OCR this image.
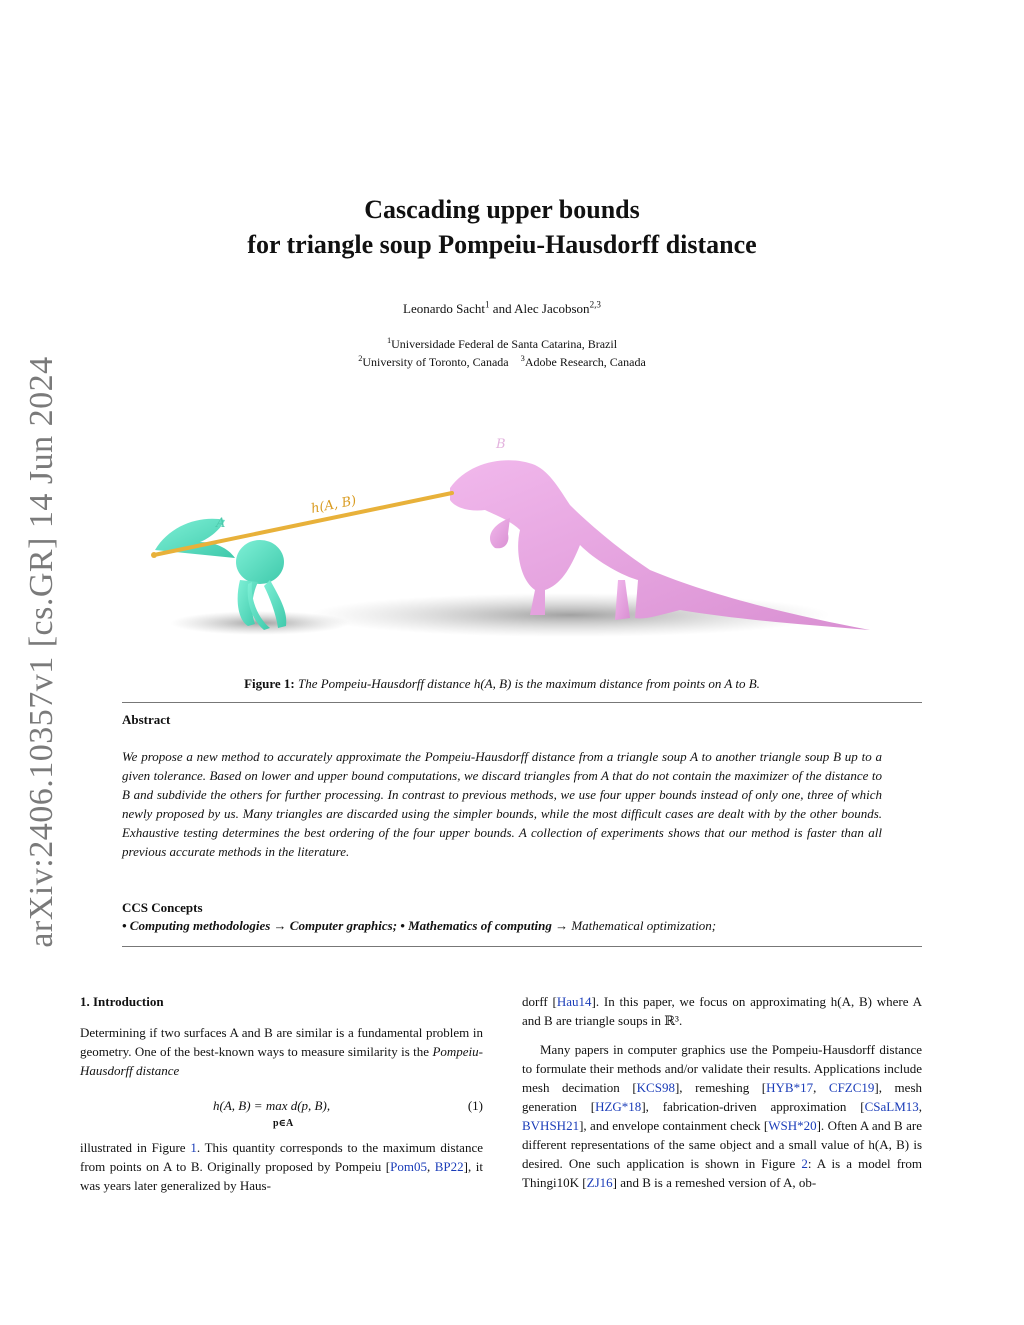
arXiv:2406.10357v1 [cs.GR] 14 Jun 2024
Cascading upper bounds
for triangle soup Pompeiu-Hausdorff distance
Leonardo Sacht$^1$ and Alec Jacobson$^{2,3}$
$^1$Universidade Federal de Santa Catarina, Brazil
$^2$University of Toronto, Canada $^3$Adobe Research, Canada
A
B
h(A, B)
Figure 1: The Pompeiu-Hausdorff distance h(A, B) is the maximum distance from points on A to B.
Abstract
We propose a new method to accurately approximate the Pompeiu-Hausdorff distance from a triangle soup A to another triangle soup B up to a given tolerance. Based on lower and upper bound computations, we discard triangles from A that do not contain the maximizer of the distance to B and subdivide the others for further processing. In contrast to previous methods, we use four upper bounds instead of only one, three of which newly proposed by us. Many triangles are discarded using the simpler bounds, while the most difficult cases are dealt with by the other bounds. Exhaustive testing determines the best ordering of the four upper bounds. A collection of experiments shows that our method is faster than all previous accurate methods in the literature.
CCS Concepts
• Computing methodologies → Computer graphics; • Mathematics of computing → Mathematical optimization;
1. Introduction

Determining if two surfaces A and B are similar is a fundamental problem in geometry. One of the best-known ways to measure similarity is the Pompeiu-Hausdorff distance

h(A, B) = max d(p, B),
p∈A
(1)

illustrated in Figure 1. This quantity corresponds to the maximum distance from points on A to B. Originally proposed by Pompeiu [Pom05, BP22], it was years later generalized by Haus-

dorff [Hau14]. In this paper, we focus on approximating h(A, B) where A and B are triangle soups in ℝ³.

Many papers in computer graphics use the Pompeiu-Hausdorff distance to formulate their methods and/or validate their results. Applications include mesh decimation [KCS98], remeshing [HYB*17, CFZC19], mesh generation [HZG*18], fabrication-driven approximation [CSaLM13, BVHSH21], and envelope containment check [WSH*20]. Often A and B are different representations of the same object and a small value of h(A, B) is desired. One such application is shown in Figure 2: A is a model from Thingi10K [ZJ16] and B is a remeshed version of A, ob-
